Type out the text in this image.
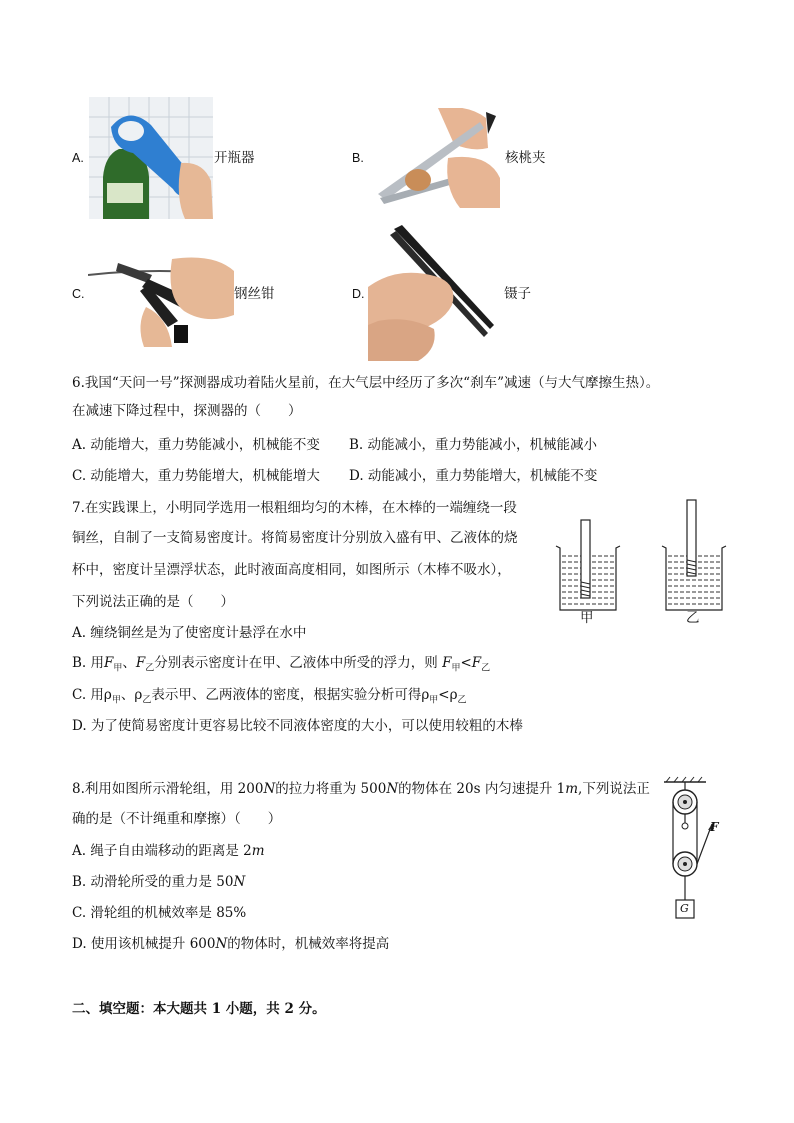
A.	开瓶器	B.	核桃夹
C.	钢丝钳	D.	镊子
6.我国“天问一号”探测器成功着陆火星前，在大气层中经历了多次“刹车”减速（与大气摩擦生热）。
在减速下降过程中，探测器的（　　）
A. 动能增大，重力势能减小，机械能不变 B. 动能减小，重力势能减小，机械能减小
C. 动能增大，重力势能增大，机械能增大 D. 动能减小，重力势能增大，机械能不变
7.在实践课上，小明同学选用一根粗细均匀的木棒，在木棒的一端缠绕一段
铜丝，自制了一支简易密度计。将简易密度计分别放入盛有甲、乙液体的烧
杯中，密度计呈漂浮状态，此时液面高度相同，如图所示（木棒不吸水），
下列说法正确的是（　　）
A. 缠绕铜丝是为了使密度计悬浮在水中
B. 用$F_甲$、$F_乙$分别表示密度计在甲、乙液体中所受的浮力，则 $F_甲<F_乙$
C. 用$\rho_甲$、$\rho_乙$表示甲、乙两液体的密度，根据实验分析可得$\rho_甲<\rho_乙$
D. 为了使简易密度计更容易比较不同液体密度的大小，可以使用较粗的木棒
甲	乙
8.利用如图所示滑轮组，用 200N的拉力将重为 500N的物体在 20s 内匀速提升 1m,下列说法正
确的是（不计绳重和摩擦）（　　）
A. 绳子自由端移动的距离是 2m
B. 动滑轮所受的重力是 50N
C. 滑轮组的机械效率是 85%
D. 使用该机械提升 600N的物体时，机械效率将提高
F
G
二、填空题：本大题共 1 小题，共 2 分。
